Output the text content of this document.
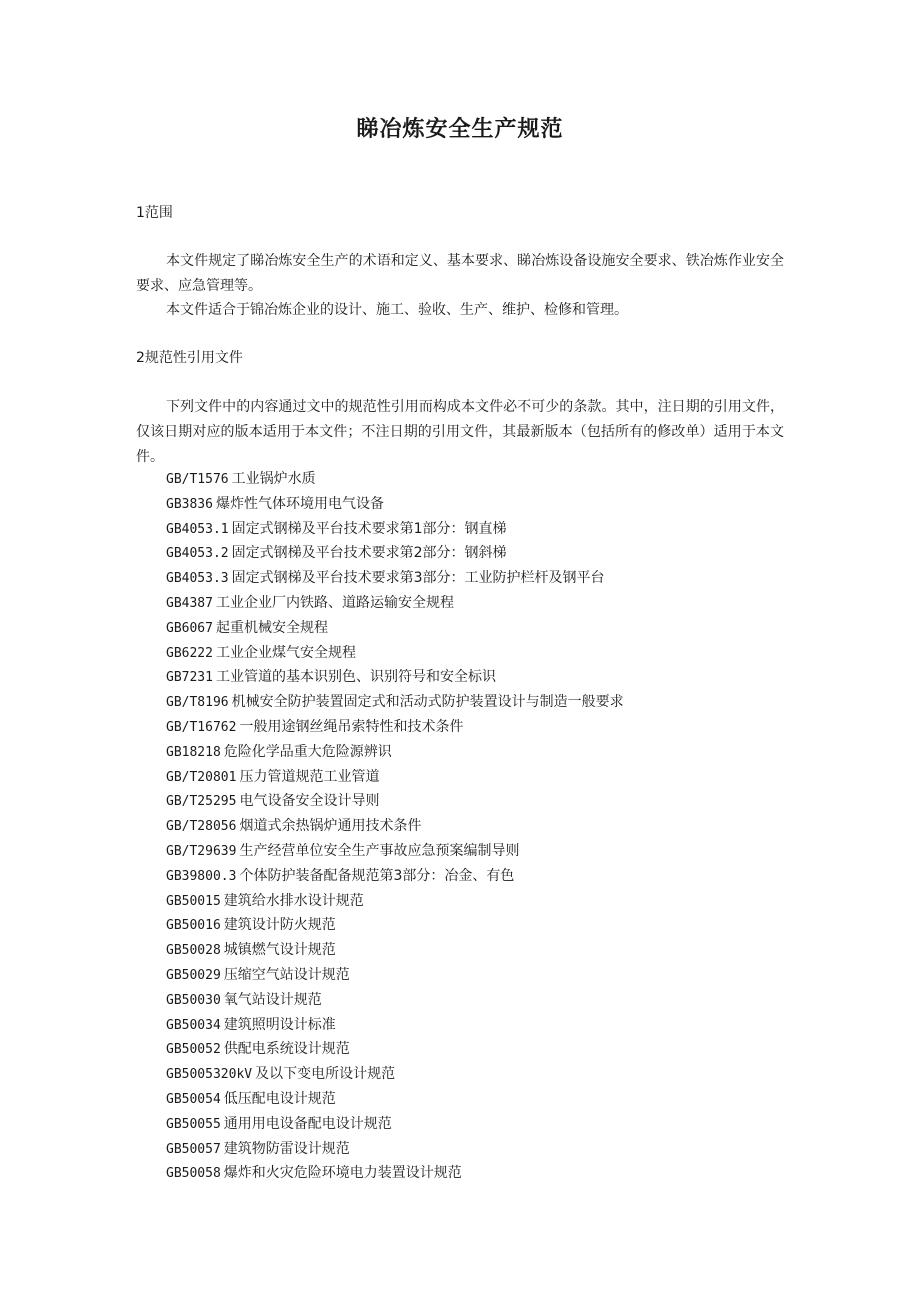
睇冶炼安全生产规范
1范围

本文件规定了睇冶炼安全生产的术语和定义、基本要求、睇冶炼设备设施安全要求、铁冶炼作业安全要求、应急管理等。

本文件适合于锦冶炼企业的设计、施工、验收、生产、维护、检修和管理。

2规范性引用文件

下列文件中的内容通过文中的规范性引用而构成本文件必不可少的条款。其中，注日期的引用文件，仅该日期对应的版本适用于本文件；不注日期的引用文件，其最新版本（包括所有的修改单）适用于本文件。

GB/T1576 工业锅炉水质
GB3836 爆炸性气体环境用电气设备
GB4053.1 固定式钢梯及平台技术要求第1部分：钢直梯
GB4053.2 固定式钢梯及平台技术要求第2部分：钢斜梯
GB4053.3 固定式钢梯及平台技术要求第3部分：工业防护栏杆及钢平台
GB4387 工业企业厂内铁路、道路运输安全规程
GB6067 起重机械安全规程
GB6222 工业企业煤气安全规程
GB7231 工业管道的基本识别色、识别符号和安全标识
GB/T8196 机械安全防护装置固定式和活动式防护装置设计与制造一般要求
GB/T16762 一般用途钢丝绳吊索特性和技术条件
GB18218 危险化学品重大危险源辨识
GB/T20801 压力管道规范工业管道
GB/T25295 电气设备安全设计导则
GB/T28056 烟道式余热锅炉通用技术条件
GB/T29639 生产经营单位安全生产事故应急预案编制导则
GB39800.3 个体防护装备配备规范第3部分：冶金、有色
GB50015 建筑给水排水设计规范
GB50016 建筑设计防火规范
GB50028 城镇燃气设计规范
GB50029 压缩空气站设计规范
GB50030 氧气站设计规范
GB50034 建筑照明设计标准
GB50052 供配电系统设计规范
GB5005320kV 及以下变电所设计规范
GB50054 低压配电设计规范
GB50055 通用用电设备配电设计规范
GB50057 建筑物防雷设计规范
GB50058 爆炸和火灾危险环境电力装置设计规范
